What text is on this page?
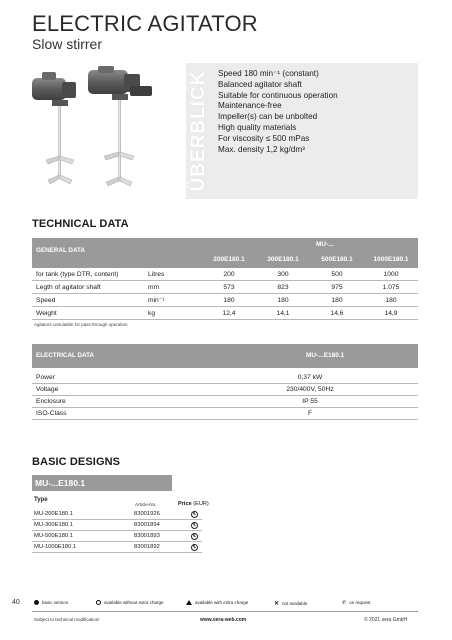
ELECTRIC AGITATOR
Slow stirrer
ÜBERBLICK Speed 180 min⁻¹ (constant)
Balanced agitator shaft
Suitable for continuous operation
Maintenance-free
Impeller(s) can be unbolted
High quality materials
For viscosity ≤ 500 mPas
Max. density 1,2 kg/dm³
TECHNICAL DATA
GENERAL DATA
MU-...
200E180.1	300E180.1	500E180.1	1000E180.1
for tank (type DTR, content)	Litres	200	300	500	1000
Legth of agitator shaft	mm	573	823	975	1.075
Speed	min⁻¹	180	180	180	180
Weight	kg	12,4	14,1	14,6	14,9
Agitators unsuitable for pass-through operation
ELECTRICAL DATA	MU-...E180.1
Power	0,37 kW
Voltage	230/400V, 50Hz
Enclosure	IP 55
ISO-Class	F
BASIC DESIGNS
MU-...E180.1
Type
Article-No.	Price (EUR)
MU-200E180.1	83001926	€
MU-300E180.1	83001894	€
MU-500E180.1	83001893	€
MU-1000E180.1	83001892	€
40	basic version	available without extra charge	available with extra charge	✕ not available	✆ on request
Subject to technical modification!	www.sera-web.com	© 2021 sera GmbH
